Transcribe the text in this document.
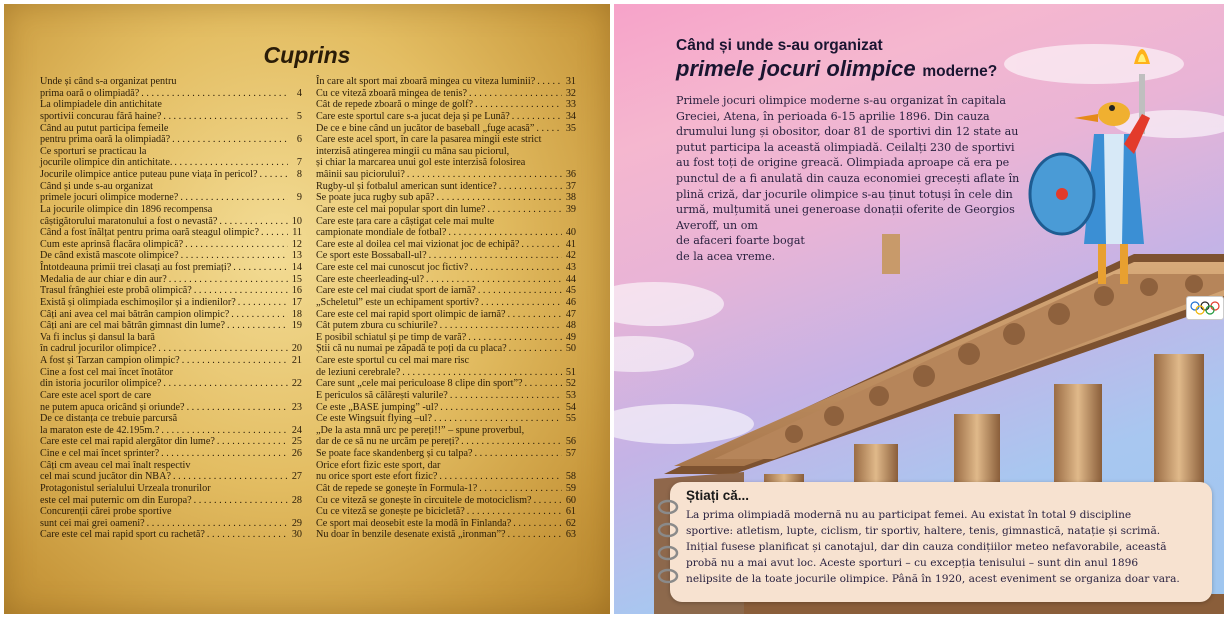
Cuprins
Unde și când s-a organizat pentru
prima oară o olimpiadă? . . .	4
La olimpiadele din antichitate
sportivii concurau fără haine? . . .	5
Când au putut participa femeile
pentru prima oară la olimpiadă? . . .	6
Ce sporturi se practicau la
jocurile olimpice din antichitate. . . .	7
Jocurile olimpice antice puteau pune viața în pericol? . . .	8
Când și unde s-au organizat
primele jocuri olimpice moderne? . . .	9
La jocurile olimpice din 1896 recompensa
câștigătorului maratonului a fost o nevastă? . . .	10
Când a fost înălțat pentru prima oară steagul olimpic? . . .	11
Cum este aprinsă flacăra olimpică? . . .	12
De când există mascote olimpice? . . .	13
Întotdeauna primii trei clasați au fost premiați? . . .	14
Medalia de aur chiar e din aur? . . .	15
Trasul frânghiei este probă olimpică? . . .	16
Există și olimpiada eschimoșilor și a indienilor? . . .	17
Câți ani avea cel mai bătrân campion olimpic? . . .	18
Câți ani are cel mai bătrân gimnast din lume? . . .	19
Va fi inclus și dansul la bară
în cadrul jocurilor olimpice? . . .	20
A fost și Tarzan campion olimpic? . . .	21
Cine a fost cel mai încet înotător
din istoria jocurilor olimpice? . . .	22
Care este acel sport de care
ne putem apuca oricând și oriunde? . . .	23
De ce distanța ce trebuie parcursă
la maraton este de 42.195m.? . . .	24
Care este cel mai rapid alergător din lume? . . .	25
Cine e cel mai încet sprinter? . . .	26
Câți cm aveau cel mai înalt respectiv
cel mai scund jucător din NBA? . . .	27
Protagonistul serialului Urzeala tronurilor
este cel mai puternic om din Europa? . . .	28
Concurenții cărei probe sportive
sunt cei mai grei oameni? . . .	29
Care este cel mai rapid sport cu rachetă? . . .	30
În care alt sport mai zboară mingea cu viteza luminii? . . .	31
Cu ce viteză zboară mingea de tenis? . . .	32
Cât de repede zboară o minge de golf? . . .	33
Care este sportul care s-a jucat deja și pe Lună? . . .	34
De ce e bine când un jucător de baseball „fuge acasă” . . .	35
Care este acel sport, în care la pasarea mingii este strict
interzisă atingerea mingii cu mâna sau piciorul,
și chiar la marcarea unui gol este interzisă folosirea
mâinii sau piciorului? . . .	36
Rugby-ul și fotbalul american sunt identice? . . .	37
Se poate juca rugby sub apă? . . .	38
Care este cel mai popular sport din lume? . . .	39
Care este țara care a câștigat cele mai multe
campionate mondiale de fotbal? . . .	40
Care este al doilea cel mai vizionat joc de echipă? . . .	41
Ce sport este Bossaball-ul? . . .	42
Care este cel mai cunoscut joc fictiv? . . .	43
Care este cheerleading-ul? . . .	44
Care este cel mai ciudat sport de iarnă? . . .	45
„Scheletul” este un echipament sportiv? . . .	46
Care este cel mai rapid sport olimpic de iarnă? . . .	47
Cât putem zbura cu schiurile? . . .	48
E posibil schiatul și pe timp de vară? . . .	49
Știi că nu numai pe zăpadă te poți da cu placa? . . .	50
Care este sportul cu cel mai mare risc
de leziuni cerebrale? . . .	51
Care sunt „cele mai periculoase 8 clipe din sport”? . . .	52
E periculos să călărești valurile? . . .	53
Ce este „BASE jumping” -ul? . . .	54
Ce este Wingsuit flying –ul? . . .	55
„De la asta mnă urc pe pereți!!” – spune proverbul,
dar de ce să nu ne urcăm pe pereți? . . .	56
Se poate face skandenberg și cu talpa? . . .	57
Orice efort fizic este sport, dar
nu orice sport este efort fizic? . . .	58
Cât de repede se gonește în Formula-1? . . .	59
Cu ce viteză se gonește în circuitele de motociclism? . . .	60
Cu ce viteză se gonește pe bicicletă? . . .	61
Ce sport mai deosebit este la modă în Finlanda? . . .	62
Nu doar în benzile desenate există „ironman”? . . .	63
Când și unde s-au organizat
primele jocuri olimpice moderne?
Primele jocuri olimpice moderne s-au organizat în capitala
Greciei, Atena, în perioada 6-15 aprilie 1896. Din cauza
drumului lung și obositor, doar 81 de sportivi din 12 state au
putut participa la această olimpiadă. Ceilalți 230 de sportivi
au fost toți de origine greacă. Olimpiada aproape că era pe
punctul de a fi anulată din cauza economiei grecești aflate în
plină criză, dar jocurile olimpice s-au ținut totuși în cele din
urmă, mulțumită unei generoase donații oferite de Georgios
Averoff, un om
de afaceri foarte bogat
de la acea vreme.
Știați că...
La prima olimpiadă modernă nu au participat femei. Au existat în total 9 discipline
sportive: atletism, lupte, ciclism, tir sportiv, haltere, tenis, gimnastică, natație și scrimă.
Inițial fusese planificat și canotajul, dar din cauza condițiilor meteo nefavorabile, această
probă nu a mai avut loc. Aceste sporturi – cu excepția tenisului – sunt din anul 1896
nelipsite de la toate jocurile olimpice. Până în 1920, acest eveniment se organiza doar vara.
